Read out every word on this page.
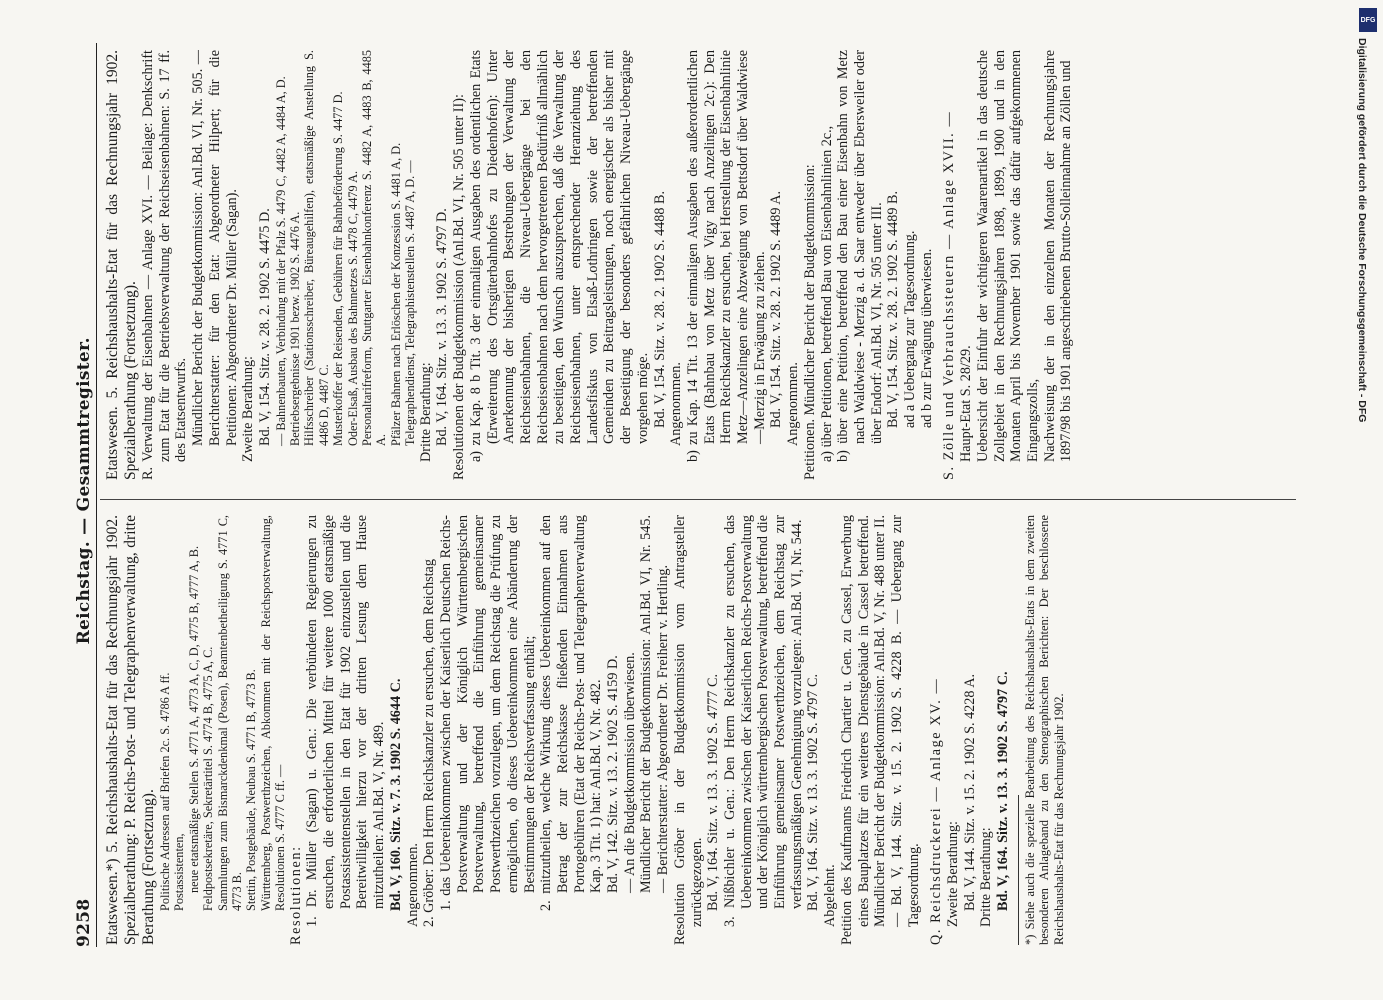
9258
Reichstag. — Gesammtregister.

Etatswesen.*) 5. Reichshaushalts-Etat für das Rechnungsjahr 1902. Spezialberathung: P. Reichs-Post- und Telegraphenverwaltung, dritte Berathung (Fortsetzung). Politische Adressen auf Briefen 2c. S. 4786 A ff. Postassistenten, neue etatsmäßige Stellen S. 4771 A, 4773 A, C, D, 4775 B, 4777 A, B. Feldpostsekretäre, Sekretärtitel S. 4774 B, 4775 A, C. Sammlungen zum Bismarckdenkmal (Posen), Beamtenbetheiligung S. 4771 C, 4773 B. Stettin, Postgebäude, Neubau S. 4771 B, 4773 B. Württemberg, Postwerthzeichen, Abkommen mit der Reichspostverwaltung, Resolutionen S. 4777 C ff. — Resolutionen: 1. Dr. Müller (Sagan) u. Gen.: Die verbündeten Regierungen zu ersuchen, die erforderlichen Mittel für weitere 1000 etatsmäßige Postassistentenstellen in den Etat für 1902 einzustellen und die Bereitwilligkeit hierzu vor der dritten Lesung dem Hause mitzutheilen: Anl.Bd. V, Nr. 489. Bd. V, 160. Sitz. v. 7. 3. 1902 S. 4644 C. Angenommen. 2. Gröber: Den Herrn Reichskanzler zu ersuchen, dem Reichstag 1. das Uebereinkommen zwischen der Kaiserlich Deutschen Reichs-Postverwaltung und der Königlich Württembergischen Postverwaltung, betreffend die Einführung gemeinsamer Postwerthzeichen vorzulegen, um dem Reichstag die Prüfung zu ermöglichen, ob dieses Uebereinkommen eine Abänderung der Bestimmungen der Reichsverfassung enthält; 2. mitzutheilen, welche Wirkung dieses Uebereinkommen auf den Betrag der zur Reichskasse fließenden Einnahmen aus Portogebühren (Etat der Reichs-Post- und Telegraphenverwaltung Kap. 3 Tit. 1) hat: Anl.Bd. V, Nr. 482. Bd. V, 142. Sitz. v. 13. 2. 1902 S. 4159 D. — An die Budgetkommission überwiesen. Mündlicher Bericht der Budgetkommission: Anl.Bd. VI, Nr. 545. — Berichterstatter: Abgeordneter Dr. Freiherr v. Hertling. Resolution Gröber in der Budgetkommission vom Antragsteller zurückgezogen. Bd. V, 164. Sitz. v. 13. 3. 1902 S. 4777 C. 3. Nißbichler u. Gen.: Den Herrn Reichskanzler zu ersuchen, das Uebereinkommen zwischen der Kaiserlichen Reichs-Postverwaltung und der Königlich württembergischen Postverwaltung, betreffend die Einführung gemeinsamer Postwerthzeichen, dem Reichstag zur verfassungsmäßigen Genehmigung vorzulegen: Anl.Bd. VI, Nr. 544. Bd. V, 164. Sitz. v. 13. 3. 1902 S. 4797 C. Abgelehnt. Petition des Kaufmanns Friedrich Chartier u. Gen. zu Cassel, Erwerbung eines Bauplatzes für ein weiteres Dienstgebäude in Cassel betreffend. Mündlicher Bericht der Budgetkommission: Anl.Bd. V, Nr. 488 unter II. — Bd. V, 144. Sitz. v. 15. 2. 1902 S. 4228 B. — Uebergang zur Tagesordnung. Q. Reichsdruckerei — Anlage XV. — Zweite Berathung: Bd. V, 144. Sitz. v. 15. 2. 1902 S. 4228 A. Dritte Berathung: Bd. V, 164. Sitz. v. 13. 3. 1902 S. 4797 C. *) Siehe auch die spezielle Bearbeitung des Reichshaushalts-Etats in dem zweiten besonderen Anlageband zu den Stenographischen Berichten: Der beschlossene Reichshaushalts-Etat für das Rechnungsjahr 1902.

Etatswesen. 5. Reichshaushalts-Etat für das Rechnungsjahr 1902. Spezialberathung (Fortsetzung). R. Verwaltung der Eisenbahnen — Anlage XVI. — Beilage: Denkschrift zum Etat für die Betriebsverwaltung der Reichseisenbahnen: S. 17 ff. des Etatsentwurfs. Mündlicher Bericht der Budgetkommission: Anl.Bd. VI, Nr. 505. — Berichterstatter: für den Etat: Abgeordneter Hilpert; für die Petitionen: Abgeordneter Dr. Müller (Sagan). Zweite Berathung: Bd. V, 154. Sitz. v. 28. 2. 1902 S. 4475 D. — Bahnenbauten, Verbindung mit der Pfalz S. 4479 C, 4482 A, 4484 A, D. Betriebsergebnisse 1901 bezw. 1902 S. 4476 A. Hilfsschreiber (Stationsschreiber, Büreaugehilfen), etatsmäßige Anstellung S. 4486 D, 4487 C. Musterkoffer der Reisenden, Gebühren für Bahnbeförderung S. 4477 D. Oder-Elsaß, Ausbau des Bahnnetzes S. 4478 C, 4479 A. Personaltarifreform, Stuttgarter Eisenbahnkonferenz S. 4482 A, 4483 B, 4485 A. Pfälzer Bahnen nach Erlöschen der Konzession S. 4481 A, D. Telegraphendienst, Telegraphistenstellen S. 4487 A, D. — Dritte Berathung: Bd. V, 164. Sitz. v. 13. 3. 1902 S. 4797 D. Resolutionen der Budgetkommission (Anl.Bd. VI, Nr. 505 unter II): a) zu Kap. 8 b Tit. 3 der einmaligen Ausgaben des ordentlichen Etats (Erweiterung des Ortsgüterbahnhofes zu Diedenhofen): Unter Anerkennung der bisherigen Bestrebungen der Verwaltung der Reichseisenbahnen, die Niveau-Uebergänge bei den Reichseisenbahnen nach dem hervorgetretenen Bedürfniß allmählich zu beseitigen, den Wunsch auszusprechen, daß die Verwaltung der Reichseisenbahnen, unter entsprechender Heranziehung des Landesfiskus von Elsaß-Lothringen sowie der betreffenden Gemeinden zu Beitragsleistungen, noch energischer als bisher mit der Beseitigung der besonders gefährlichen Niveau-Uebergänge vorgehen möge. Bd. V, 154. Sitz. v. 28. 2. 1902 S. 4488 B. Angenommen. b) zu Kap. 14 Tit. 13 der einmaligen Ausgaben des außerordentlichen Etats (Bahnbau von Metz über Vigy nach Anzelingen 2c.): Den Herrn Reichskanzler zu ersuchen, bei Herstellung der Eisenbahnlinie Metz—Anzelingen eine Abzweigung von Bettsdorf über Waldwiese—Merzig in Erwägung zu ziehen. Bd. V, 154. Sitz. v. 28. 2. 1902 S. 4489 A. Angenommen. Petitionen. Mündlicher Bericht der Budgetkommission: a) über Petitionen, betreffend Bau von Eisenbahnlinien 2c., b) über eine Petition, betreffend den Bau einer Eisenbahn von Metz nach Waldwiese - Merzig a. d. Saar entweder über Ebersweiler oder über Endorf: Anl.Bd. VI, Nr. 505 unter III. Bd. V, 154. Sitz. v. 28. 2. 1902 S. 4489 B. ad a Uebergang zur Tagesordnung. ad b zur Erwägung überwiesen. S. Zölle und Verbrauchssteuern — Anlage XVII. — Haupt-Etat S. 28/29. Uebersicht der Einfuhr der wichtigeren Waarenartikel in das deutsche Zollgebiet in den Rechnungsjahren 1898, 1899, 1900 und in den Monaten April bis November 1901 sowie das dafür aufgekommenen Eingangszolls, Nachweisung der in den einzelnen Monaten der Rechnungsjahre 1897/98 bis 1901 angeschriebenen Brutto-Solleinnahme an Zöllen und

DFG
Digitalisierung gefördert durch die Deutsche Forschungsgemeinschaft - DFG
